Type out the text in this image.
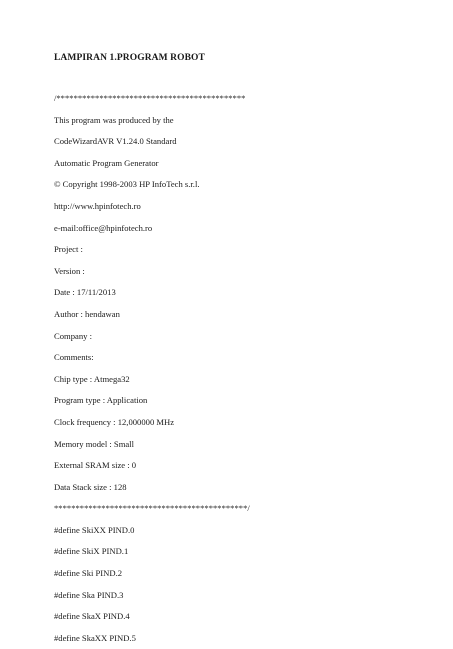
LAMPIRAN 1.PROGRAM ROBOT
/********************************************
This program was produced by the
CodeWizardAVR V1.24.0 Standard
Automatic Program Generator
© Copyright 1998-2003 HP InfoTech s.r.l.
http://www.hpinfotech.ro
e-mail:office@hpinfotech.ro
Project :
Version :
Date : 17/11/2013
Author : hendawan
Company :
Comments:
Chip type : Atmega32
Program type : Application
Clock frequency : 12,000000 MHz
Memory model : Small
External SRAM size : 0
Data Stack size : 128
*********************************************/
#define SkiXX PIND.0
#define SkiX PIND.1
#define Ski PIND.2
#define Ska PIND.3
#define SkaX PIND.4
#define SkaXX PIND.5
